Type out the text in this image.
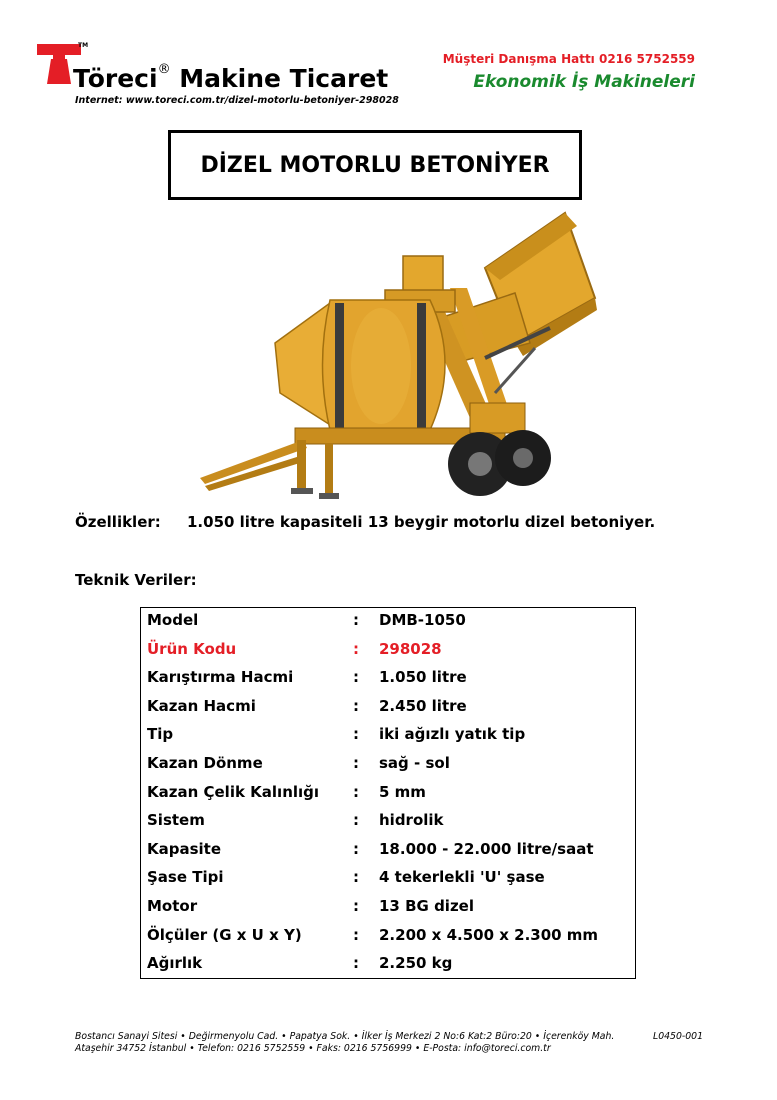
TM
Töreci® Makine Ticaret
Internet: www.toreci.com.tr/dizel-motorlu-betoniyer-298028
Müşteri Danışma Hattı 0216 5752559
Ekonomik İş Makineleri
DİZEL MOTORLU BETONİYER
Özellikler: 1.050 litre kapasiteli 13 beygir motorlu dizel betoniyer.
Teknik Veriler:
Model	:	DMB-1050
Ürün Kodu	:	298028
Karıştırma Hacmi	:	1.050 litre
Kazan Hacmi	:	2.450 litre
Tip	:	iki ağızlı yatık tip
Kazan Dönme	:	sağ - sol
Kazan Çelik Kalınlığı	:	5 mm
Sistem	:	hidrolik
Kapasite	:	18.000 - 22.000 litre/saat
Şase Tipi	:	4 tekerlekli 'U' şase
Motor	:	13 BG dizel
Ölçüler (G x U x Y)	:	2.200 x 4.500 x 2.300 mm
Ağırlık	:	2.250 kg
Bostancı Sanayi Sitesi • Değirmenyolu Cad. • Papatya Sok. • İlker İş Merkezi 2 No:6 Kat:2 Büro:20 • İçerenköy Mah.
Ataşehir 34752 İstanbul • Telefon: 0216 5752559 • Faks: 0216 5756999 • E-Posta: info@toreci.com.tr
L0450-001
